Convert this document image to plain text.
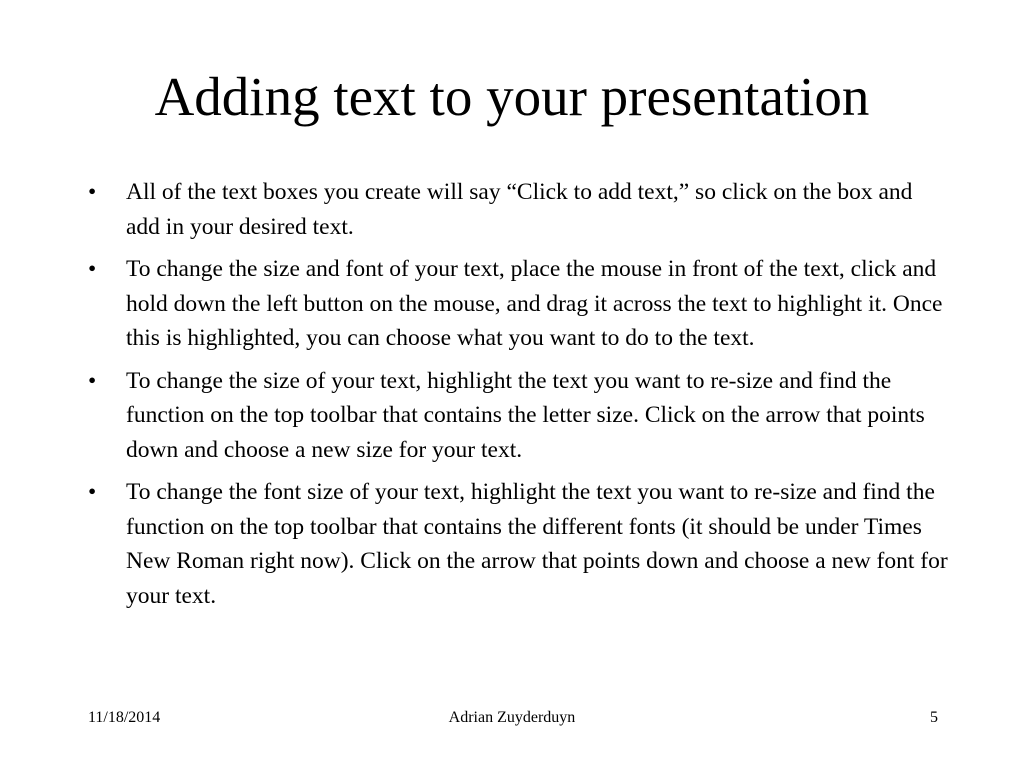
Adding text to your presentation
•	All of the text boxes you create will say “Click to add text,” so click on the box and add in your desired text.
•	To change the size and font of your text, place the mouse in front of the text, click and hold down the left button on the mouse, and drag it across the text to highlight it. Once this is highlighted, you can choose what you want to do to the text.
•	To change the size of your text, highlight the text you want to re-size and find the function on the top toolbar that contains the letter size. Click on the arrow that points down and choose a new size for your text.
•	To change the font size of your text, highlight the text you want to re-size and find the function on the top toolbar that contains the different fonts (it should be under Times New Roman right now). Click on the arrow that points down and choose a new font for your text.
11/18/2014	Adrian Zuyderduyn	5
